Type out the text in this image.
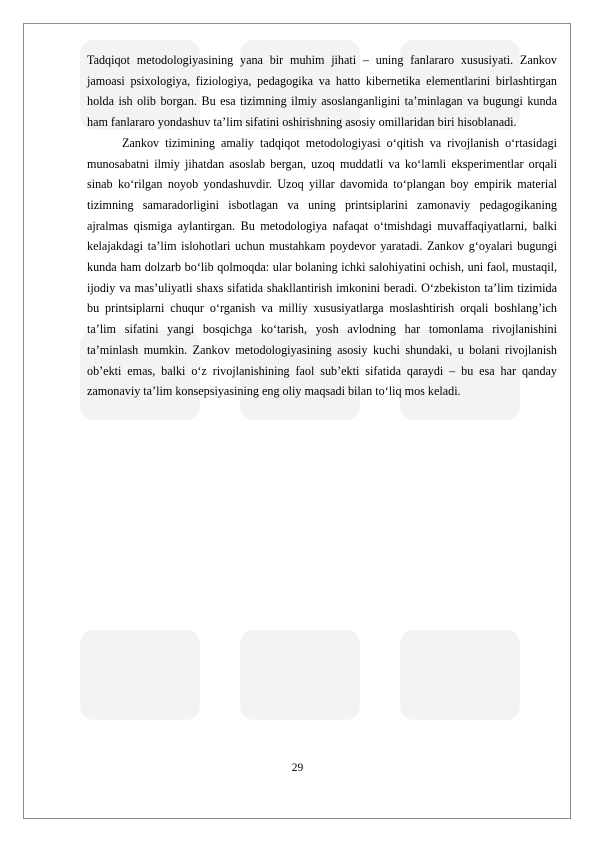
Tadqiqot metodologiyasining yana bir muhim jihati – uning fanlararo xususiyati. Zankov jamoasi psixologiya, fiziologiya, pedagogika va hatto kibernetika elementlarini birlashtirgan holda ish olib borgan. Bu esa tizimning ilmiy asoslanganligini ta’minlagan va bugungi kunda ham fanlararo yondashuv ta’lim sifatini oshirishning asosiy omillaridan biri hisoblanadi.

Zankov tizimining amaliy tadqiqot metodologiyasi o‘qitish va rivojlanish o‘rtasidagi munosabatni ilmiy jihatdan asoslab bergan, uzoq muddatli va ko‘lamli eksperimentlar orqali sinab ko‘rilgan noyob yondashuvdir. Uzoq yillar davomida to‘plangan boy empirik material tizimning samaradorligini isbotlagan va uning printsiplarini zamonaviy pedagogikaning ajralmas qismiga aylantirgan. Bu metodologiya nafaqat o‘tmishdagi muvaffaqiyatlarni, balki kelajakdagi ta’lim islohotlari uchun mustahkam poydevor yaratadi. Zankov g‘oyalari bugungi kunda ham dolzarb bo‘lib qolmoqda: ular bolaning ichki salohiyatini ochish, uni faol, mustaqil, ijodiy va mas’uliyatli shaxs sifatida shakllantirish imkonini beradi. O‘zbekiston ta’lim tizimida bu printsiplarni chuqur o‘rganish va milliy xususiyatlarga moslashtirish orqali boshlang’ich ta’lim sifatini yangi bosqichga ko‘tarish, yosh avlodning har tomonlama rivojlanishini ta’minlash mumkin. Zankov metodologiyasining asosiy kuchi shundaki, u bolani rivojlanish ob’ekti emas, balki o‘z rivojlanishining faol sub’ekti sifatida qaraydi – bu esa har qanday zamonaviy ta’lim konsepsiyasining eng oliy maqsadi bilan to‘liq mos keladi.

29
